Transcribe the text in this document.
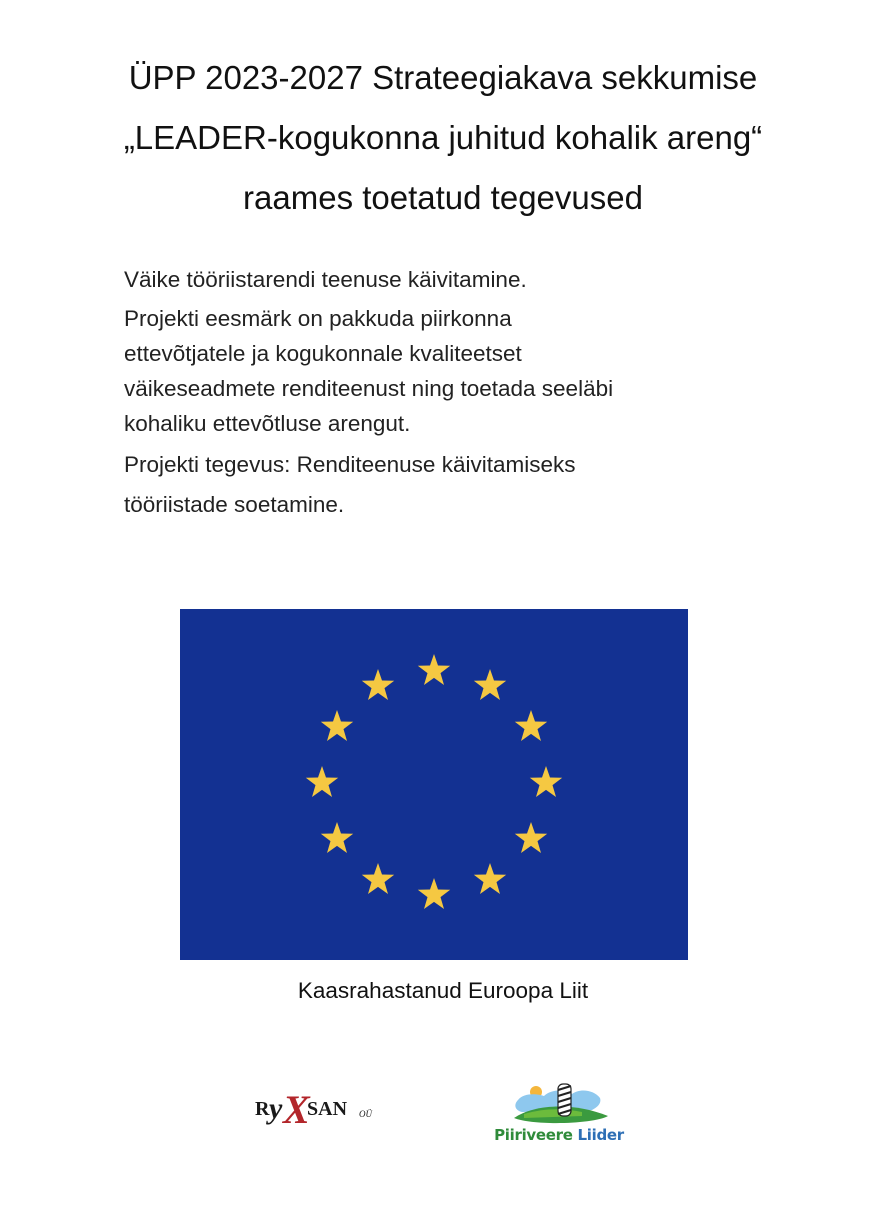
ÜPP 2023-2027 Strateegiakava sekkumise
„LEADER-kogukonna juhitud kohalik areng“
raames toetatud tegevused

Väike tööriistarendi teenuse käivitamine.

Projekti eesmärk on pakkuda piirkonna

ettevõtjatele ja kogukonnale kvaliteetset

väikeseadmete renditeenust ning toetada seeläbi

kohaliku ettevõtluse arengut.

Projekti tegevus: Renditeenuse käivitamiseks

tööriistade soetamine.

Kaasrahastanud Euroopa Liit
R y X
SAN OÜ
Piiriveere Liider
